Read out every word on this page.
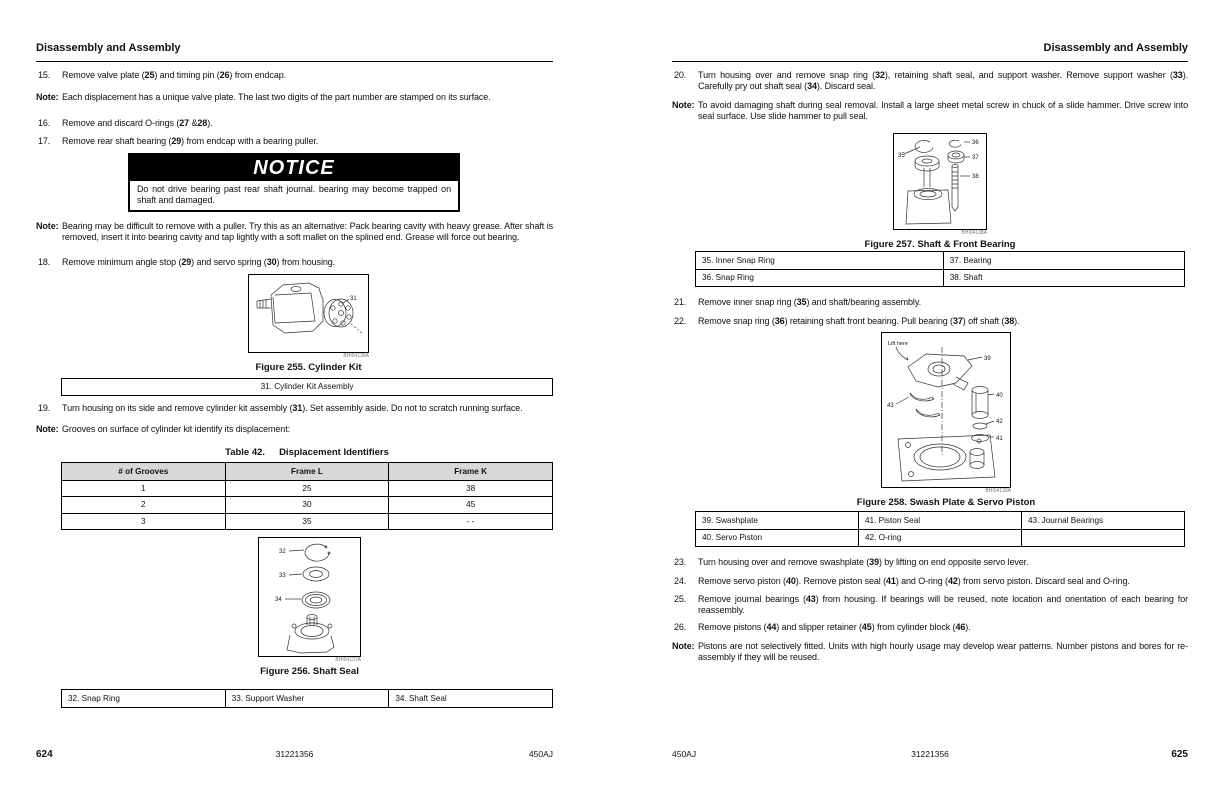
Disassembly and Assembly
15.	Remove valve plate (25) and timing pin (26) from endcap.
Note: Each displacement has a unique valve plate. The last two digits of the part number are stamped on its surface.
16.	Remove and discard O-rings (27 &28).
17.	Remove rear shaft bearing (29) from endcap with a bearing puller.
NOTICE
Do not drive bearing past rear shaft journal. bearing may become trapped on shaft and damaged.
Note: Bearing may be difficult to remove with a puller. Try this as an alternative: Pack bearing cavity with heavy grease. After shaft is removed, insert it into bearing cavity and tap lightly with a soft mallet on the splined end. Grease will force out bearing.
18.	Remove minimum angle stop (29) and servo spring (30) from housing.
31
BHI04136A
Figure 255. Cylinder Kit
31. Cylinder Kit Assembly
19.	Turn housing on its side and remove cylinder kit assembly (31). Set assembly aside. Do not to scratch running surface.
Note: Grooves on surface of cylinder kit identify its displacement:
Table 42. Displacement Identifiers
# of Grooves	Frame L	Frame K
1	25	38
2	30	45
3	35	- -
32
33
34
BHI04137A
Figure 256. Shaft Seal
32. Snap Ring	33. Support Washer	34. Shaft Seal
624	31221356	450AJ
Disassembly and Assembly
20.	Turn housing over and remove snap ring (32), retaining shaft seal, and support washer. Remove support washer (33). Carefully pry out shaft seal (34). Discard seal.
Note: To avoid damaging shaft during seal removal. Install a large sheet metal screw in chuck of a slide hammer. Drive screw into seal surface. Use slide hammer to pull seal.
35
36
37
38
BHI04138A
Figure 257. Shaft & Front Bearing
35. Inner Snap Ring	37. Bearing
36. Snap Ring	38. Shaft
21.	Remove inner snap ring (35) and shaft/bearing assembly.
22.	Remove snap ring (36) retaining shaft front bearing. Pull bearing (37) off shaft (38).
Lift here
39
40
42
41
43
BHI04139A
Figure 258. Swash Plate & Servo Piston
39. Swashplate	41. Piston Seal	43. Journal Bearings
40. Servo Piston	42. O-ring	
23.	Turn housing over and remove swashplate (39) by lifting on end opposite servo lever.
24.	Remove servo piston (40). Remove piston seal (41) and O-ring (42) from servo piston. Discard seal and O-ring.
25.	Remove journal bearings (43) from housing. If bearings will be reused, note location and orientation of each bearing for reassembly.
26.	Remove pistons (44) and slipper retainer (45) from cylinder block (46).
Note: Pistons are not selectively fitted. Units with high hourly usage may develop wear patterns. Number pistons and bores for re-assembly if they will be reused.
450AJ	31221356	625
